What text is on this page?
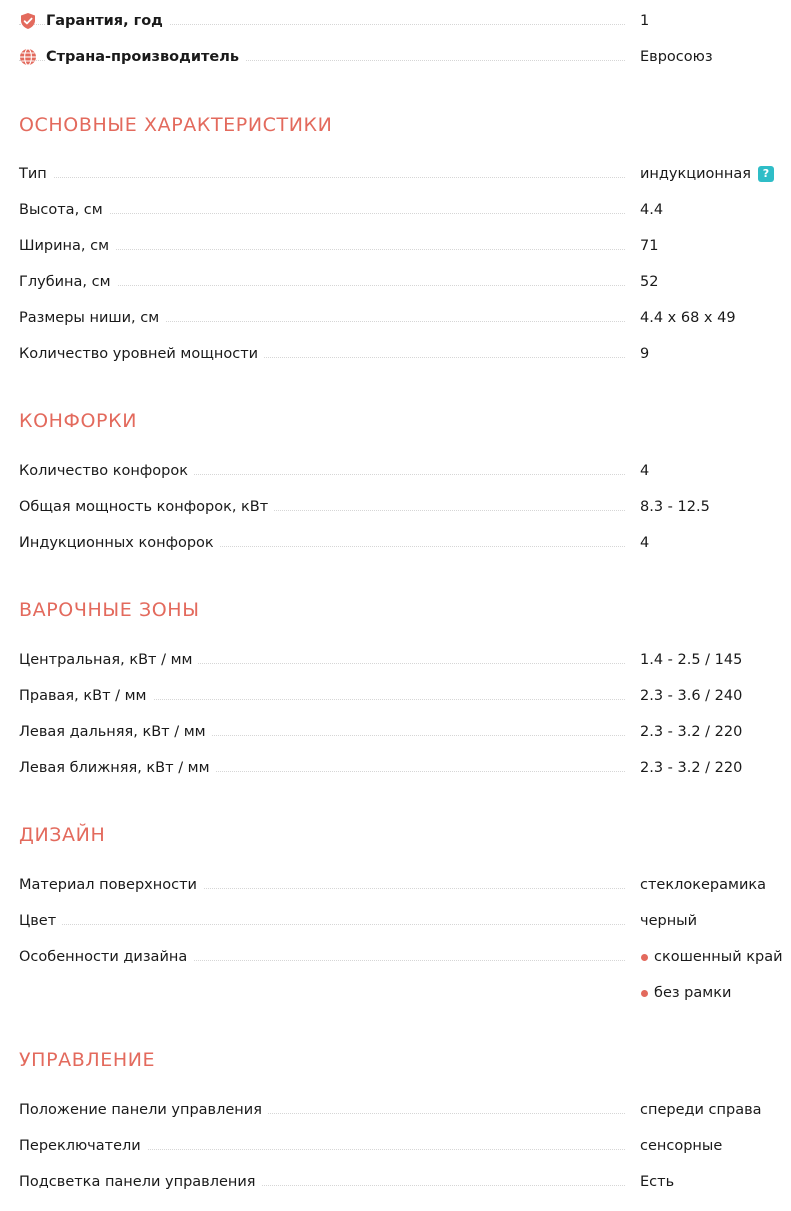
Гарантия, год	1
Страна-производитель	Евросоюз
ОСНОВНЫЕ ХАРАКТЕРИСТИКИ
Тип	индукционная	?
Высота, см	4.4
Ширина, см	71
Глубина, см	52
Размеры ниши, см	4.4 x 68 x 49
Количество уровней мощности	9
КОНФОРКИ
Количество конфорок	4
Общая мощность конфорок, кВт	8.3 - 12.5
Индукционных конфорок	4
ВАРОЧНЫЕ ЗОНЫ
Центральная, кВт / мм	1.4 - 2.5 / 145
Правая, кВт / мм	2.3 - 3.6 / 240
Левая дальняя, кВт / мм	2.3 - 3.2 / 220
Левая ближняя, кВт / мм	2.3 - 3.2 / 220
ДИЗАЙН
Материал поверхности	стеклокерамика
Цвет	черный
Особенности дизайна	скошенный край
без рамки
УПРАВЛЕНИЕ
Положение панели управления	спереди справа
Переключатели	сенсорные
Подсветка панели управления	Есть
